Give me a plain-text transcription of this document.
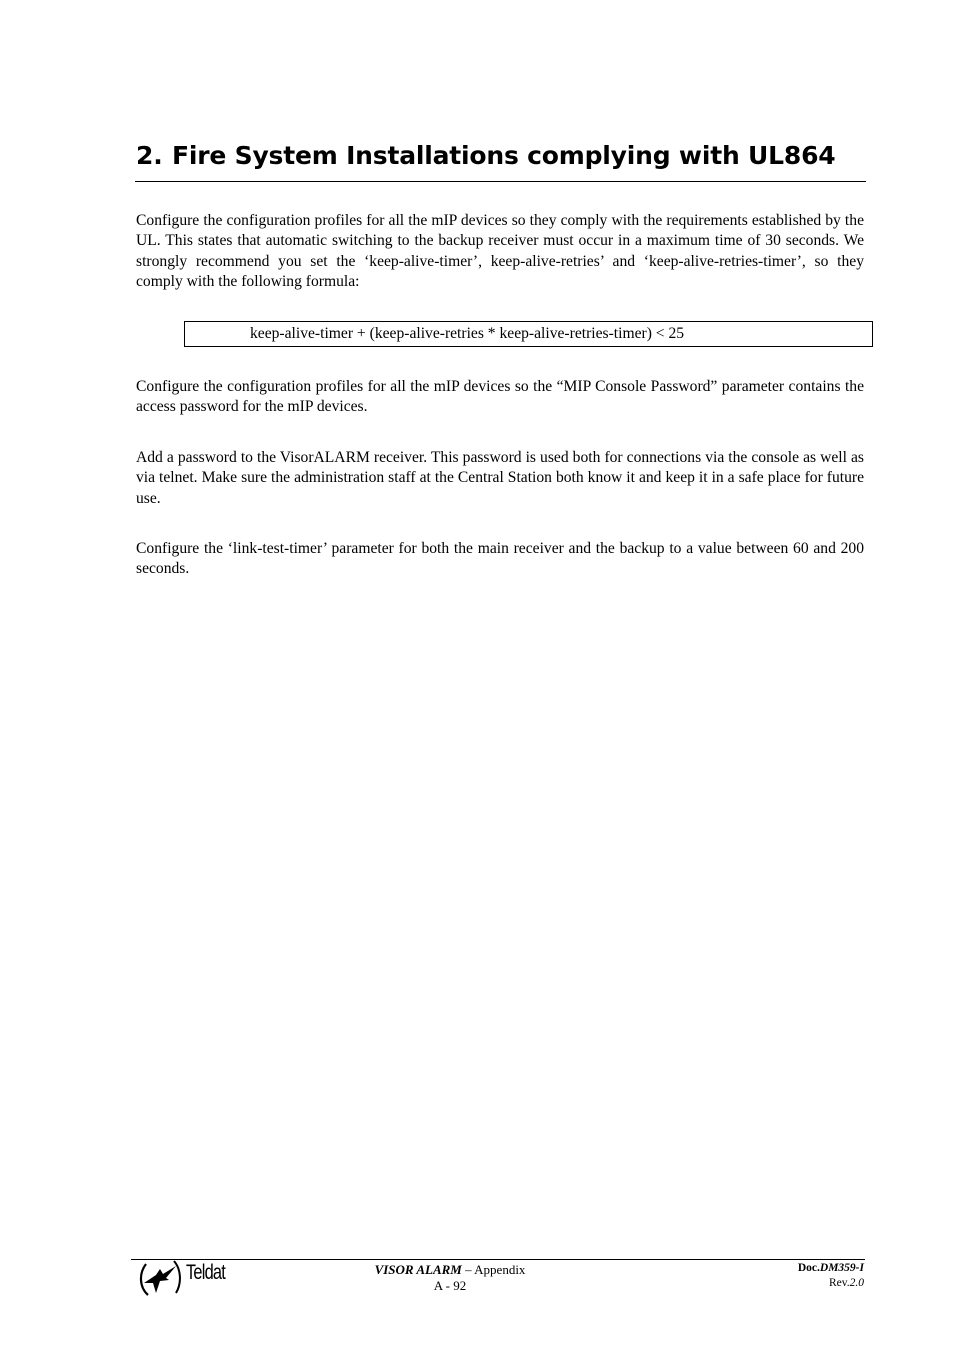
2. Fire System Installations complying with UL864

Configure the configuration profiles for all the mIP devices so they comply with the requirements established by the UL. This states that automatic switching to the backup receiver must occur in a maximum time of 30 seconds. We strongly recommend you set the ‘keep-alive-timer’, keep-alive-retries’ and ‘keep-alive-retries-timer’, so they comply with the following formula:

keep-alive-timer + (keep-alive-retries * keep-alive-retries-timer) < 25

Configure the configuration profiles for all the mIP devices so the “MIP Console Password” parameter contains the access password for the mIP devices.

Add a password to the VisorALARM receiver. This password is used both for connections via the console as well as via telnet. Make sure the administration staff at the Central Station both know it and keep it in a safe place for future use.

Configure the ‘link-test-timer’ parameter for both the main receiver and the backup to a value between 60 and 200 seconds.

Teldat	VISOR ALARM – Appendix
A - 92
Doc.DM359-I
Rev.2.0
